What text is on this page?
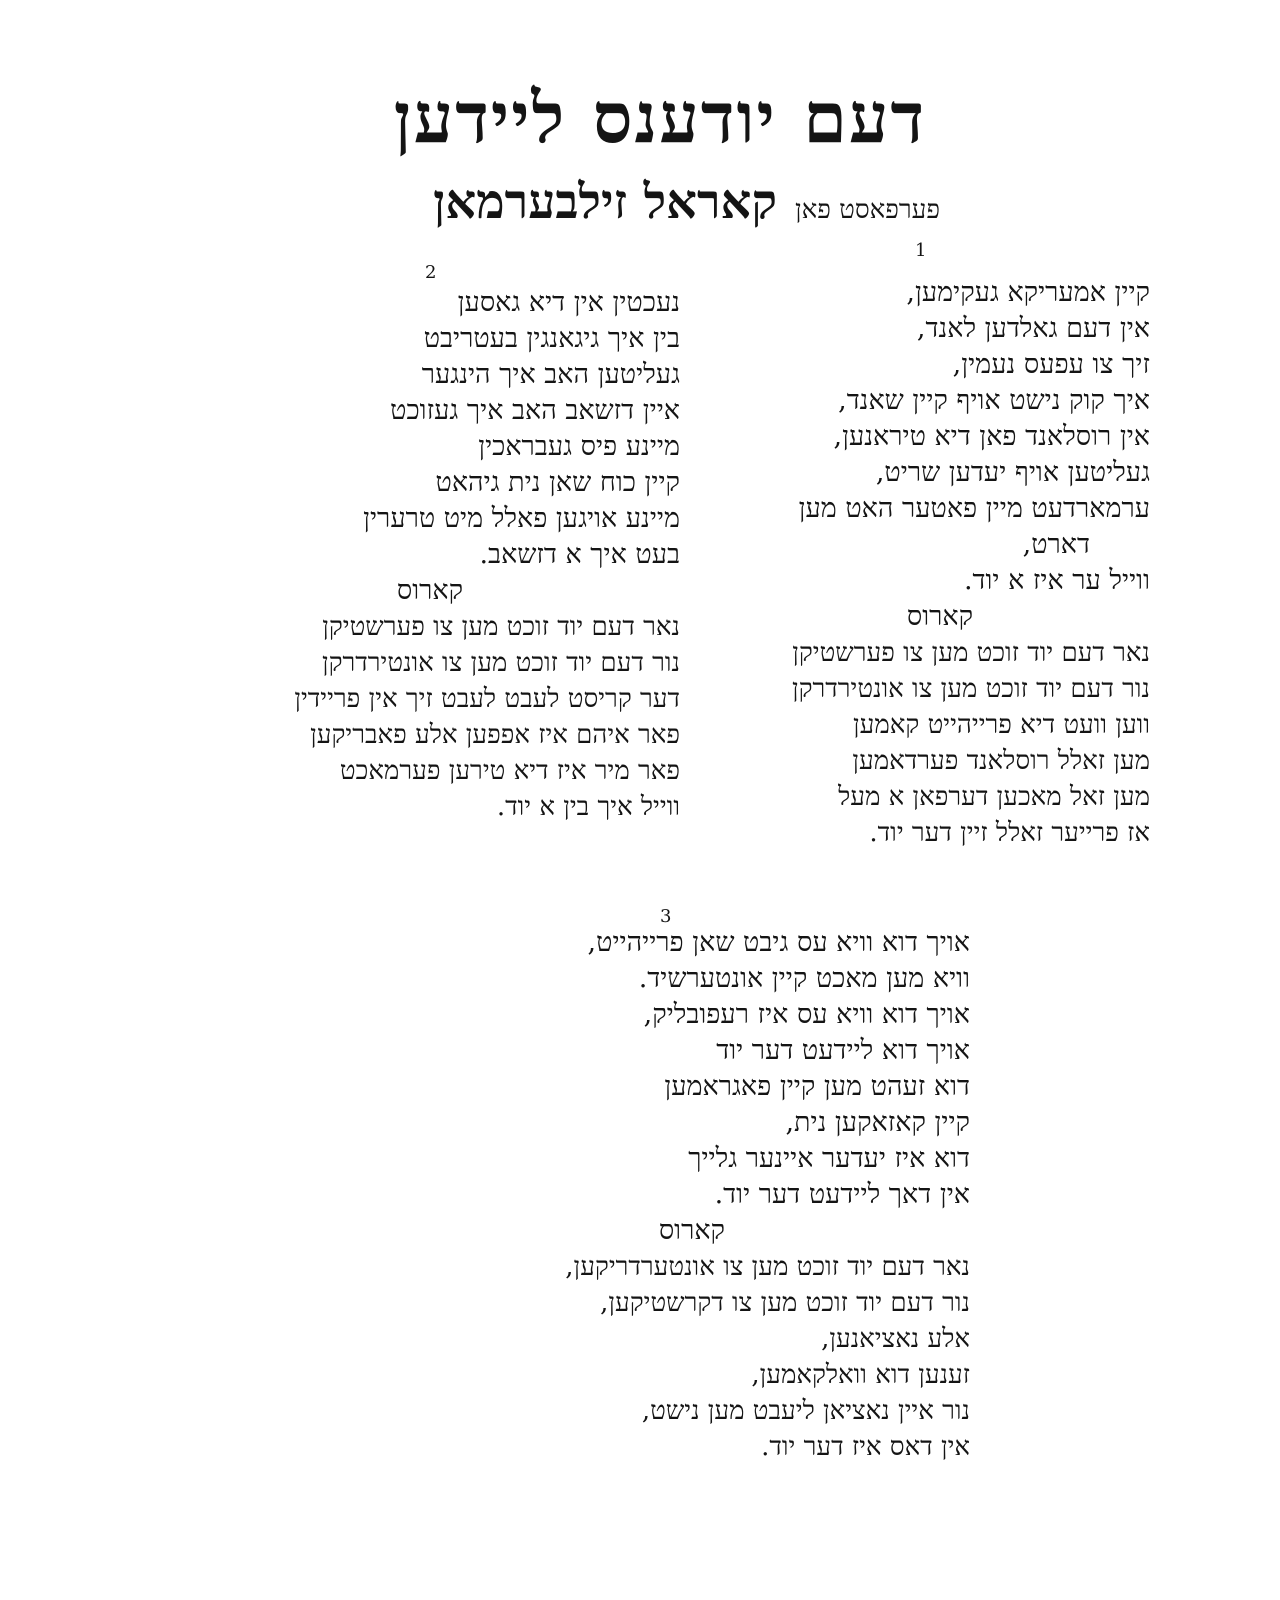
דעם יודענס ליידען
פערפאסט פאן
קאראל זילבערמאן
1
קיין אמעריקא געקימען,
אין דעם גאלדען לאנד,
זיך צו עפעס נעמין,
איך קוק נישט אויף קיין שאנד,
אין רוסלאנד פאן דיא טיראנען,
געליטען אויף יעדען שריט,
ערמארדעט מיין פאטער האט מען
דארט,
ווייל ער איז א יוד.
קארוס
נאר דעם יוד זוכט מען צו פערשטיקן
נור דעם יוד זוכט מען צו אונטירדרקן
ווען וועט דיא פרייהייט קאמען
מען זאלל רוסלאנד פערדאמען
מען זאל מאכען דערפאן א מעל
אז פרייער זאלל זיין דער יוד.
2
נעכטין אין דיא גאסען
בין איך גיגאנגין בעטריבט
געליטען האב איך הינגער
איין דזשאב האב איך געזוכט
מיינע פיס געבראכין
קיין כוח שאן נית גיהאט
מיינע אויגען פאלל מיט טרערין
בעט איך א דזשאב.
קארוס
נאר דעם יוד זוכט מען צו פערשטיקן
נור דעם יוד זוכט מען צו אונטירדרקן
דער קריסט לעבט לעבט זיך אין פריידין
פאר איהם איז אפפען אלע פאבריקען
פאר מיר איז דיא טירען פערמאכט
ווייל איך בין א יוד.
3
אויך דוא וויא עס גיבט שאן פרייהייט,
וויא מען מאכט קיין אונטערשיד.
אויך דוא וויא עס איז רעפובליק,
אויך דוא ליידעט דער יוד
דוא זעהט מען קיין פאגראמען
קיין קאזאקען נית,
דוא איז יעדער איינער גלייך
אין דאך ליידעט דער יוד.
קארוס
נאר דעם יוד זוכט מען צו אונטערדריקען,
נור דעם יוד זוכט מען צו דקרשטיקען,
אלע נאציאנען,
זענען דוא וואלקאמען,
נור איין נאציאן ליעבט מען נישט,
אין דאס איז דער יוד.
